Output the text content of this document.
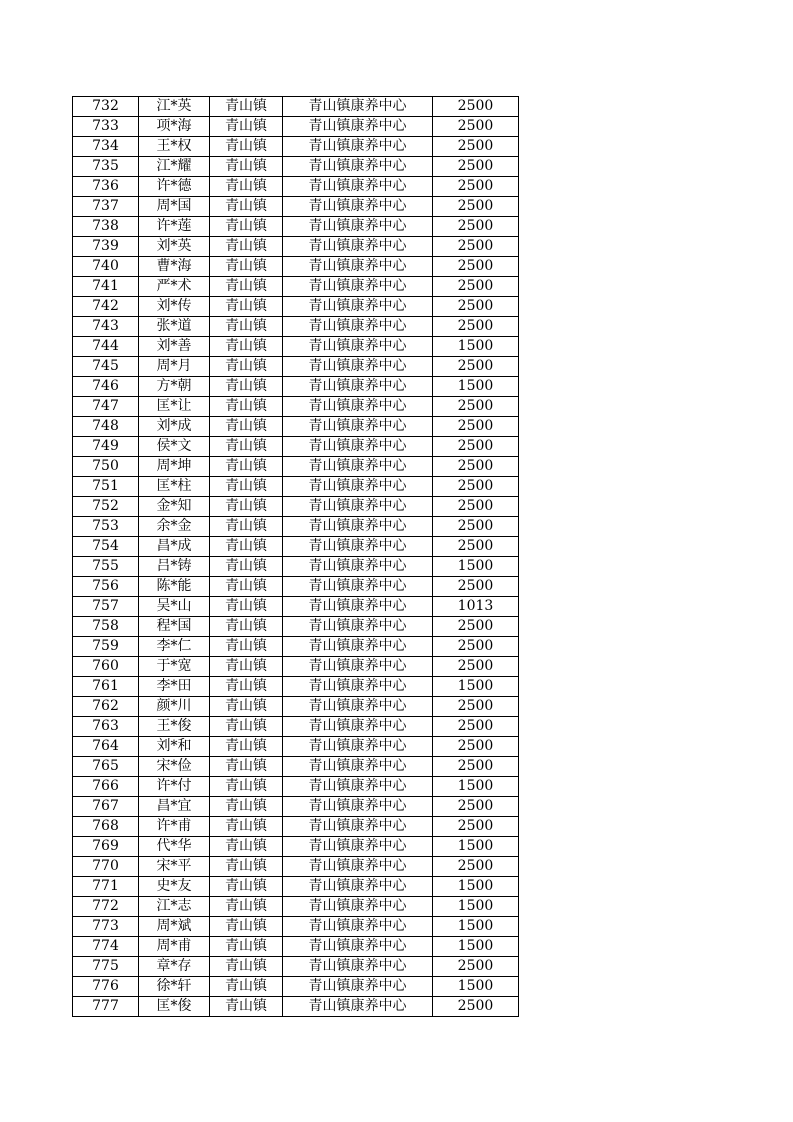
732	江*英	青山镇	青山镇康养中心	2500
733	项*海	青山镇	青山镇康养中心	2500
734	王*权	青山镇	青山镇康养中心	2500
735	江*耀	青山镇	青山镇康养中心	2500
736	许*德	青山镇	青山镇康养中心	2500
737	周*国	青山镇	青山镇康养中心	2500
738	许*莲	青山镇	青山镇康养中心	2500
739	刘*英	青山镇	青山镇康养中心	2500
740	曹*海	青山镇	青山镇康养中心	2500
741	严*术	青山镇	青山镇康养中心	2500
742	刘*传	青山镇	青山镇康养中心	2500
743	张*道	青山镇	青山镇康养中心	2500
744	刘*善	青山镇	青山镇康养中心	1500
745	周*月	青山镇	青山镇康养中心	2500
746	方*朝	青山镇	青山镇康养中心	1500
747	匡*让	青山镇	青山镇康养中心	2500
748	刘*成	青山镇	青山镇康养中心	2500
749	侯*文	青山镇	青山镇康养中心	2500
750	周*坤	青山镇	青山镇康养中心	2500
751	匡*柱	青山镇	青山镇康养中心	2500
752	金*知	青山镇	青山镇康养中心	2500
753	余*金	青山镇	青山镇康养中心	2500
754	昌*成	青山镇	青山镇康养中心	2500
755	吕*铸	青山镇	青山镇康养中心	1500
756	陈*能	青山镇	青山镇康养中心	2500
757	吴*山	青山镇	青山镇康养中心	1013
758	程*国	青山镇	青山镇康养中心	2500
759	李*仁	青山镇	青山镇康养中心	2500
760	于*宽	青山镇	青山镇康养中心	2500
761	李*田	青山镇	青山镇康养中心	1500
762	颜*川	青山镇	青山镇康养中心	2500
763	王*俊	青山镇	青山镇康养中心	2500
764	刘*和	青山镇	青山镇康养中心	2500
765	宋*俭	青山镇	青山镇康养中心	2500
766	许*付	青山镇	青山镇康养中心	1500
767	昌*宜	青山镇	青山镇康养中心	2500
768	许*甫	青山镇	青山镇康养中心	2500
769	代*华	青山镇	青山镇康养中心	1500
770	宋*平	青山镇	青山镇康养中心	2500
771	史*友	青山镇	青山镇康养中心	1500
772	江*志	青山镇	青山镇康养中心	1500
773	周*斌	青山镇	青山镇康养中心	1500
774	周*甫	青山镇	青山镇康养中心	1500
775	章*存	青山镇	青山镇康养中心	2500
776	徐*轩	青山镇	青山镇康养中心	1500
777	匡*俊	青山镇	青山镇康养中心	2500
